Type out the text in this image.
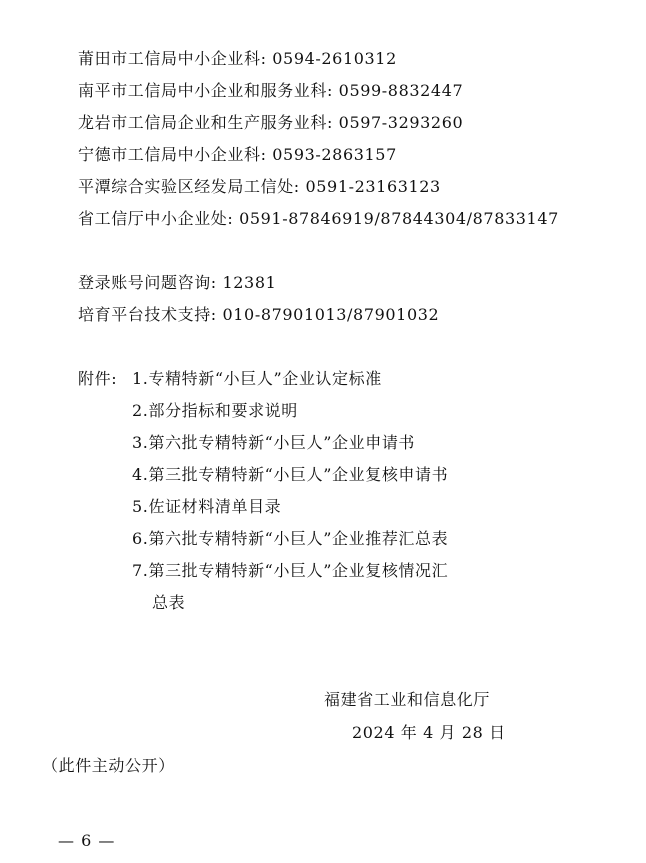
莆田市工信局中小企业科: 0594-2610312
南平市工信局中小企业和服务业科: 0599-8832447
龙岩市工信局企业和生产服务业科: 0597-3293260
宁德市工信局中小企业科: 0593-2863157
平潭综合实验区经发局工信处: 0591-23163123
省工信厅中小企业处: 0591-87846919/87844304/87833147
登录账号问题咨询: 12381
培育平台技术支持: 010-87901013/87901032
附件: 1.专精特新“小巨人”企业认定标准
2.部分指标和要求说明
3.第六批专精特新“小巨人”企业申请书
4.第三批专精特新“小巨人”企业复核申请书
5.佐证材料清单目录
6.第六批专精特新“小巨人”企业推荐汇总表
7.第三批专精特新“小巨人”企业复核情况汇
总表
福建省工业和信息化厅
2024 年 4 月 28 日
（此件主动公开）
— 6 —
